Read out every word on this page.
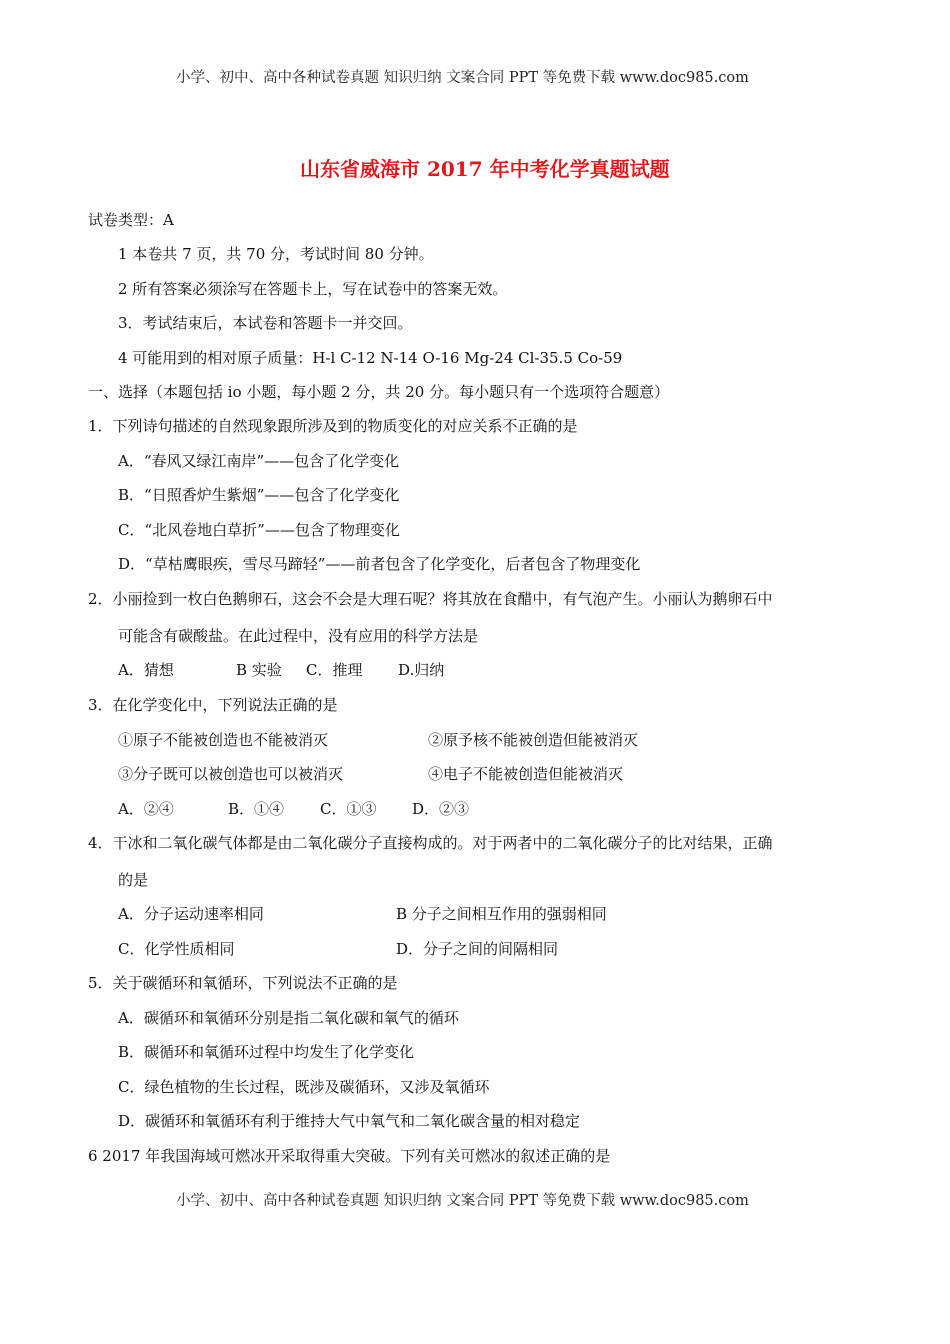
小学、初中、高中各种试卷真题 知识归纳 文案合同 PPT 等免费下载 www.doc985.com
山东省威海市 2017 年中考化学真题试题
试卷类型：A
1 本卷共 7 页，共 70 分，考试时间 80 分钟。
2 所有答案必须涂写在答题卡上，写在试卷中的答案无效。
3．考试结束后，本试卷和答题卡一并交回。
4 可能用到的相对原子质量：H-l C-12 N-14 O-16 Mg-24 Cl-35.5 Co-59
一、选择（本题包括 io 小题，每小题 2 分，共 20 分。每小题只有一个选项符合题意）
1．下列诗句描述的自然现象跟所涉及到的物质变化的对应关系不正确的是
A．“春风又绿江南岸”——包含了化学变化
B．“日照香炉生紫烟”——包含了化学变化
C．“北风卷地白草折”——包含了物理变化
D．“草枯鹰眼疾，雪尽马蹄轻”——前者包含了化学变化，后者包含了物理变化
2．小丽捡到一枚白色鹅卵石，这会不会是大理石呢？将其放在食醋中，有气泡产生。小丽认为鹅卵石中
可能含有碳酸盐。在此过程中，没有应用的科学方法是
A．猜想	B 实验 C．推理 D.归纳
3．在化学变化中，下列说法正确的是
①原子不能被创造也不能被消灭	②原予核不能被创造但能被消灭
③分子既可以被创造也可以被消灭	④电子不能被创造但能被消灭
A．②④	B．①④ C．①③ D．②③
4．干冰和二氧化碳气体都是由二氧化碳分子直接构成的。对于两者中的二氧化碳分子的比对结果，正确
的是
A．分子运动速率相同	B 分子之间相互作用的强弱相同
C．化学性质相同	D．分子之间的间隔相同
5．关于碳循环和氧循环，下列说法不正确的是
A．碳循环和氧循环分别是指二氧化碳和氧气的循环
B．碳循环和氧循环过程中均发生了化学变化
C．绿色植物的生长过程，既涉及碳循环，又涉及氧循环
D．碳循环和氧循环有利于维持大气中氧气和二氧化碳含量的相对稳定
6 2017 年我国海域可燃冰开采取得重大突破。下列有关可燃冰的叙述正确的是
小学、初中、高中各种试卷真题 知识归纳 文案合同 PPT 等免费下载 www.doc985.com
